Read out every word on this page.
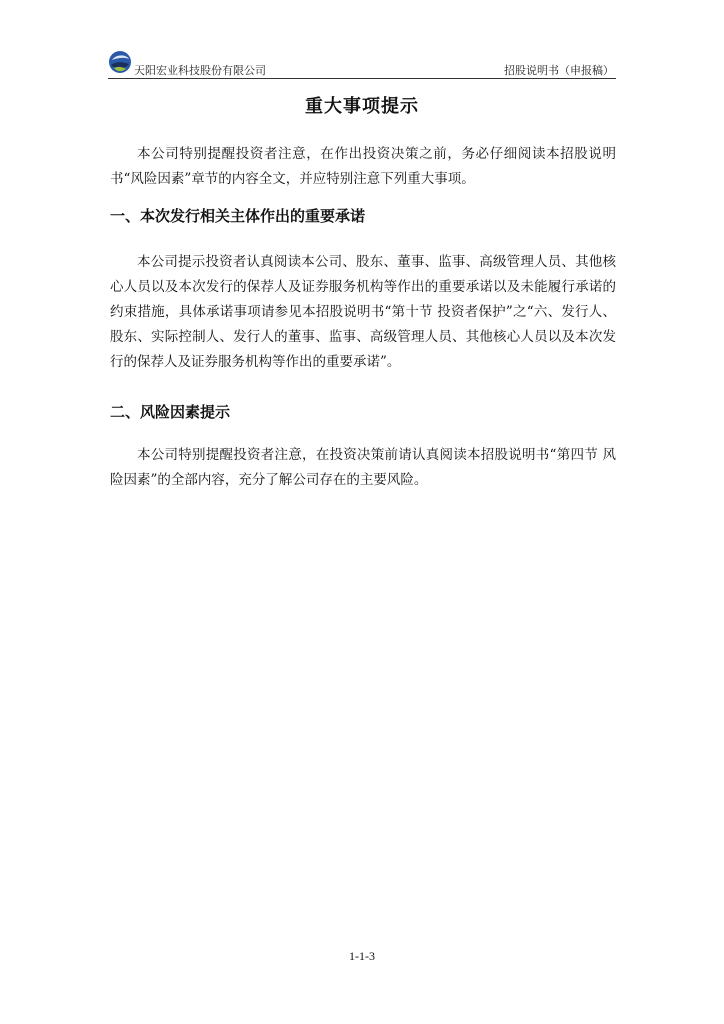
天阳宏业科技股份有限公司	招股说明书（申报稿）
重大事项提示

本公司特别提醒投资者注意，在作出投资决策之前，务必仔细阅读本招股说明书“风险因素”章节的内容全文，并应特别注意下列重大事项。

一、本次发行相关主体作出的重要承诺

本公司提示投资者认真阅读本公司、股东、董事、监事、高级管理人员、其他核心人员以及本次发行的保荐人及证券服务机构等作出的重要承诺以及未能履行承诺的约束措施，具体承诺事项请参见本招股说明书“第十节 投资者保护”之“六、发行人、股东、实际控制人、发行人的董事、监事、高级管理人员、其他核心人员以及本次发行的保荐人及证券服务机构等作出的重要承诺”。

二、风险因素提示

本公司特别提醒投资者注意，在投资决策前请认真阅读本招股说明书“第四节 风险因素”的全部内容，充分了解公司存在的主要风险。

1-1-3
